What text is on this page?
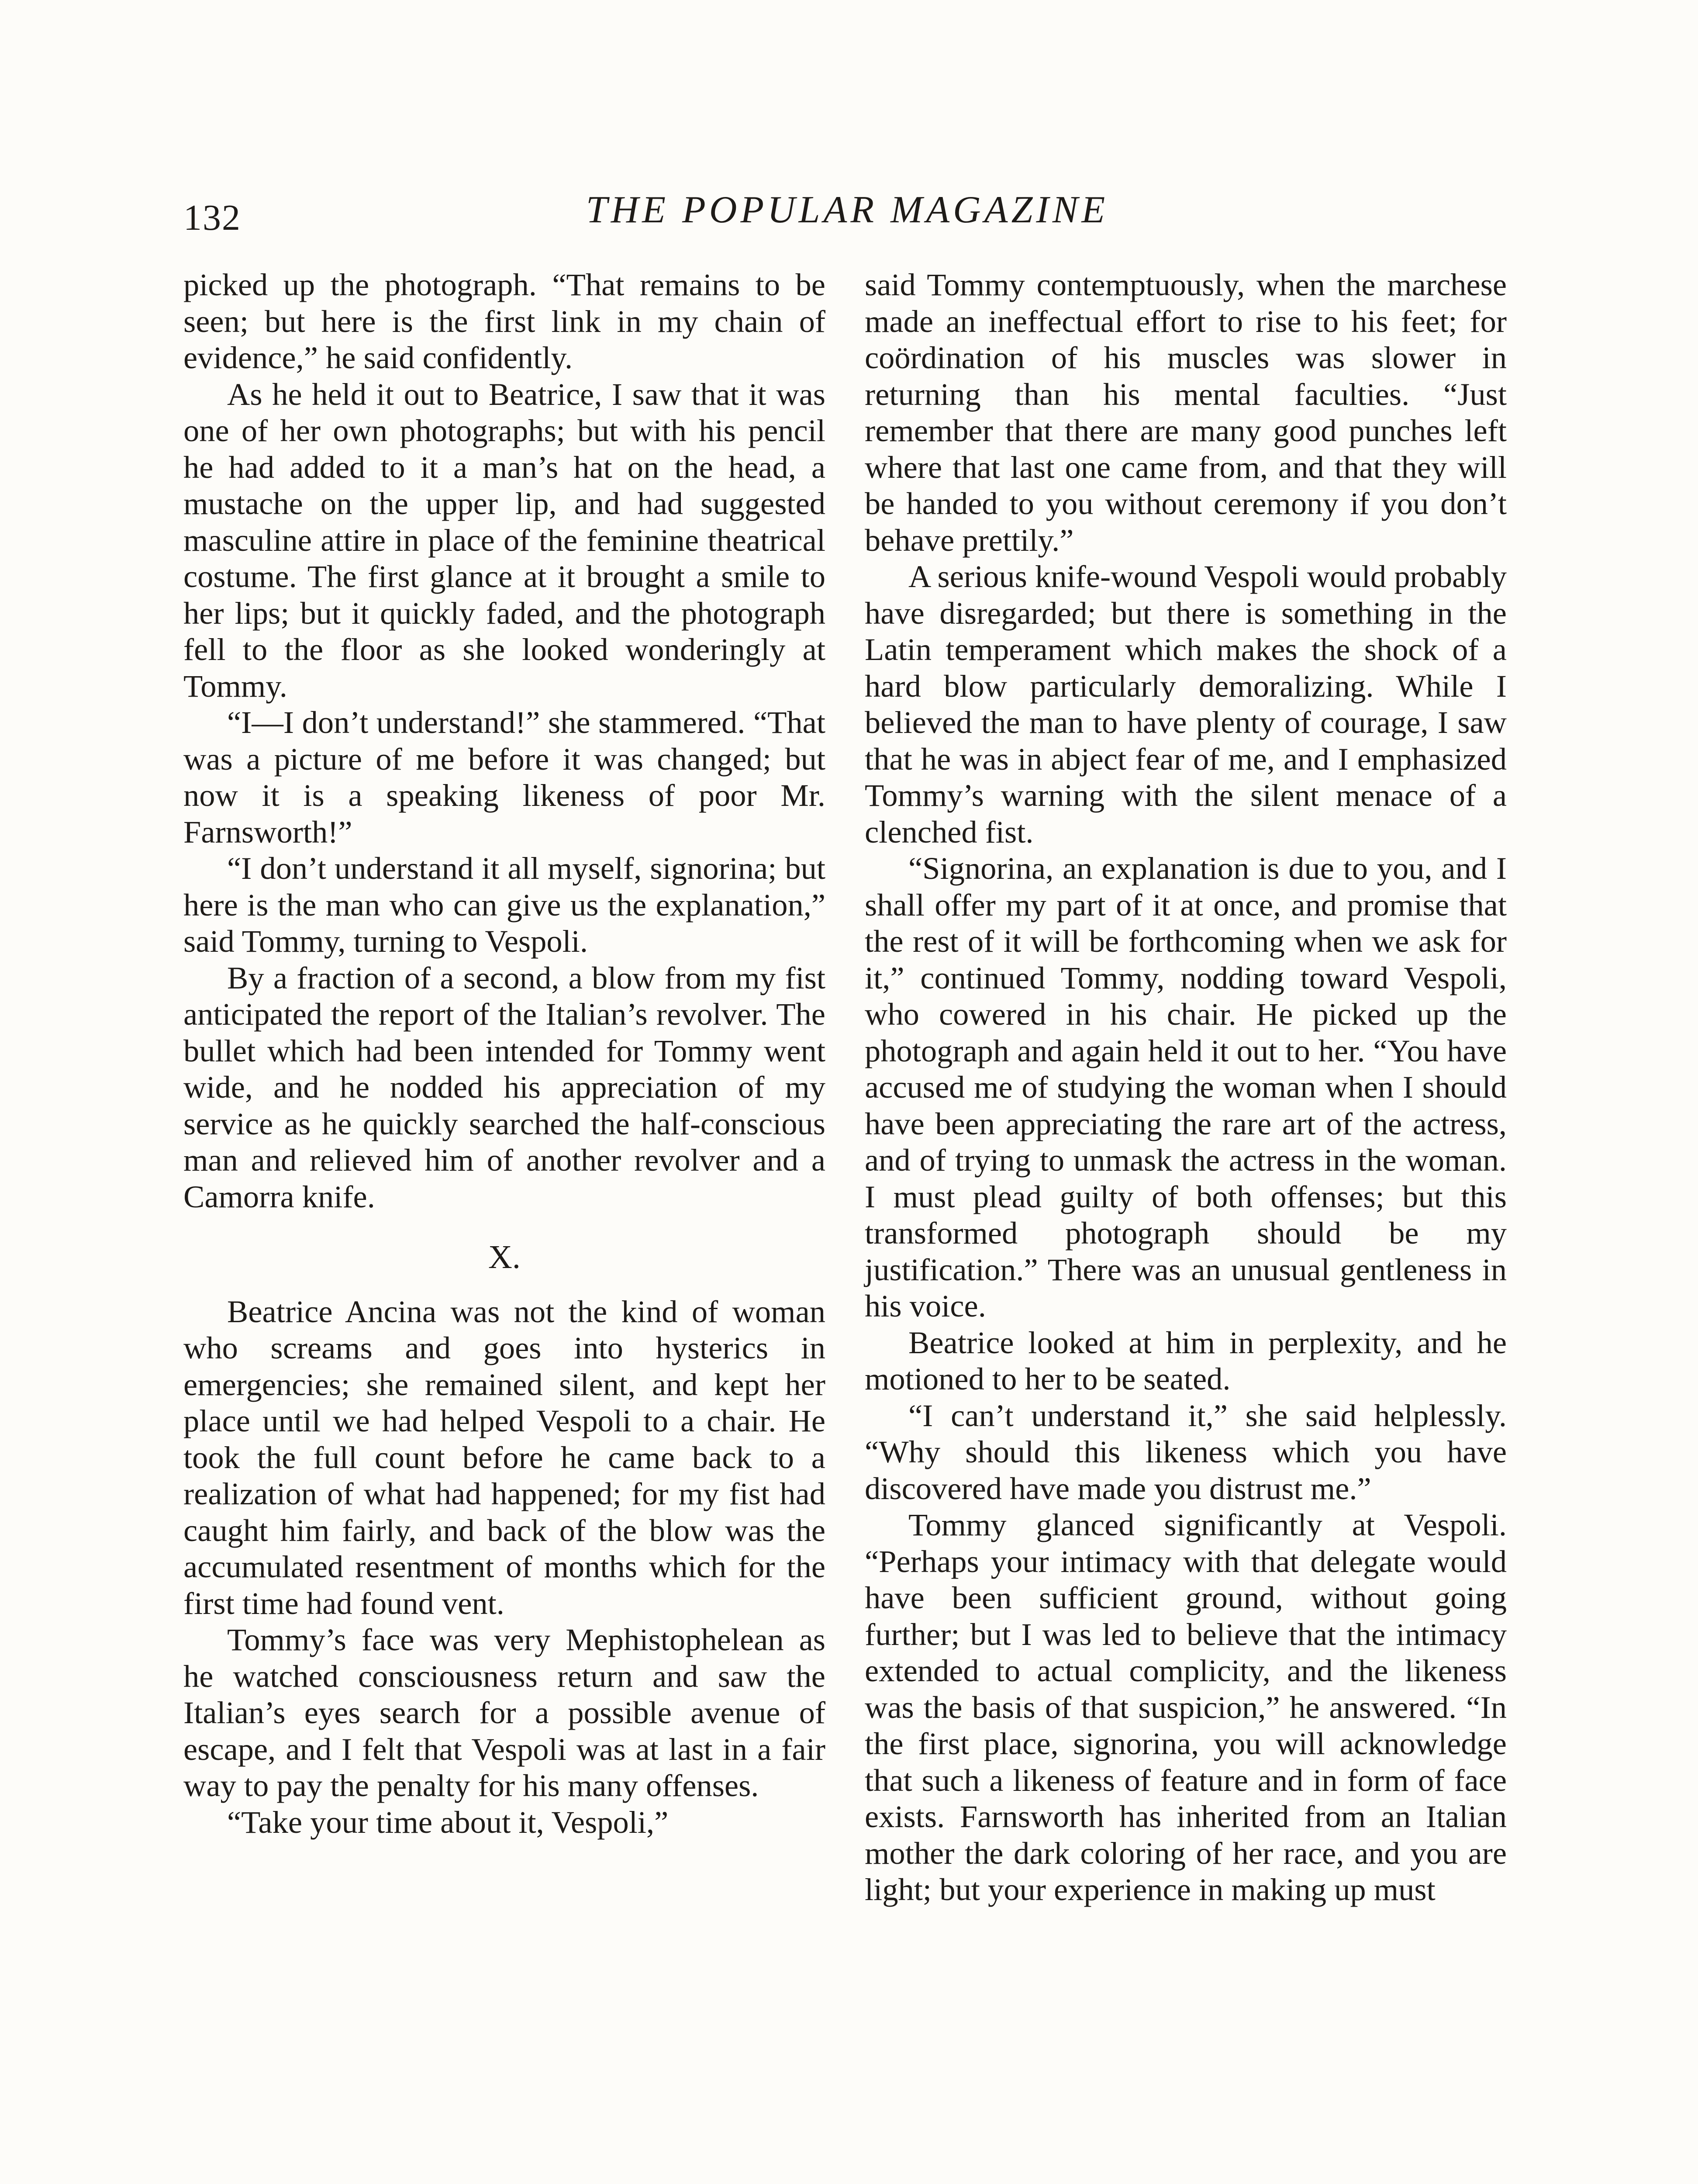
132	THE POPULAR MAGAZINE

picked up the photograph. “That remains to be seen; but here is the first link in my chain of evidence,” he said confidently.

As he held it out to Beatrice, I saw that it was one of her own photographs; but with his pencil he had added to it a man’s hat on the head, a mustache on the upper lip, and had suggested masculine attire in place of the feminine theatrical costume. The first glance at it brought a smile to her lips; but it quickly faded, and the photograph fell to the floor as she looked wonderingly at Tommy.

“I—I don’t understand!” she stammered. “That was a picture of me before it was changed; but now it is a speaking likeness of poor Mr. Farnsworth!”

“I don’t understand it all myself, signorina; but here is the man who can give us the explanation,” said Tommy, turning to Vespoli.

By a fraction of a second, a blow from my fist anticipated the report of the Italian’s revolver. The bullet which had been intended for Tommy went wide, and he nodded his appreciation of my service as he quickly searched the half-conscious man and relieved him of another revolver and a Camorra knife.

X.

Beatrice Ancina was not the kind of woman who screams and goes into hysterics in emergencies; she remained silent, and kept her place until we had helped Vespoli to a chair. He took the full count before he came back to a realization of what had happened; for my fist had caught him fairly, and back of the blow was the accumulated resentment of months which for the first time had found vent.

Tommy’s face was very Mephistophelean as he watched consciousness return and saw the Italian’s eyes search for a possible avenue of escape, and I felt that Vespoli was at last in a fair way to pay the penalty for his many offenses.

“Take your time about it, Vespoli,”

said Tommy contemptuously, when the marchese made an ineffectual effort to rise to his feet; for coördination of his muscles was slower in returning than his mental faculties. “Just remember that there are many good punches left where that last one came from, and that they will be handed to you without ceremony if you don’t behave prettily.”

A serious knife-wound Vespoli would probably have disregarded; but there is something in the Latin temperament which makes the shock of a hard blow particularly demoralizing. While I believed the man to have plenty of courage, I saw that he was in abject fear of me, and I emphasized Tommy’s warning with the silent menace of a clenched fist.

“Signorina, an explanation is due to you, and I shall offer my part of it at once, and promise that the rest of it will be forthcoming when we ask for it,” continued Tommy, nodding toward Vespoli, who cowered in his chair. He picked up the photograph and again held it out to her. “You have accused me of studying the woman when I should have been appreciating the rare art of the actress, and of trying to unmask the actress in the woman. I must plead guilty of both offenses; but this transformed photograph should be my justification.” There was an unusual gentleness in his voice.

Beatrice looked at him in perplexity, and he motioned to her to be seated.

“I can’t understand it,” she said helplessly. “Why should this likeness which you have discovered have made you distrust me.”

Tommy glanced significantly at Vespoli. “Perhaps your intimacy with that delegate would have been sufficient ground, without going further; but I was led to believe that the intimacy extended to actual complicity, and the likeness was the basis of that suspicion,” he answered. “In the first place, signorina, you will acknowledge that such a likeness of feature and in form of face exists. Farnsworth has inherited from an Italian mother the dark coloring of her race, and you are light; but your experience in making up must
